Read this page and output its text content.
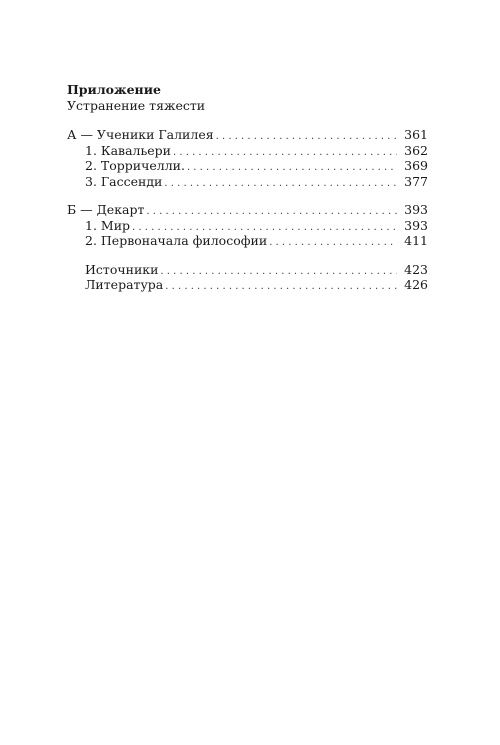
Приложение
Устранение тяжести
А — Ученики Галилея . . .	361
1. Кавальери . . .	362
2. Торричелли. . . .	369
3. Гассенди . . .	377
Б — Декарт . . .	393
1. Мир . . .	393
2. Первоначала философии . . .	411
Источники . . .	423
Литература . . .	426
